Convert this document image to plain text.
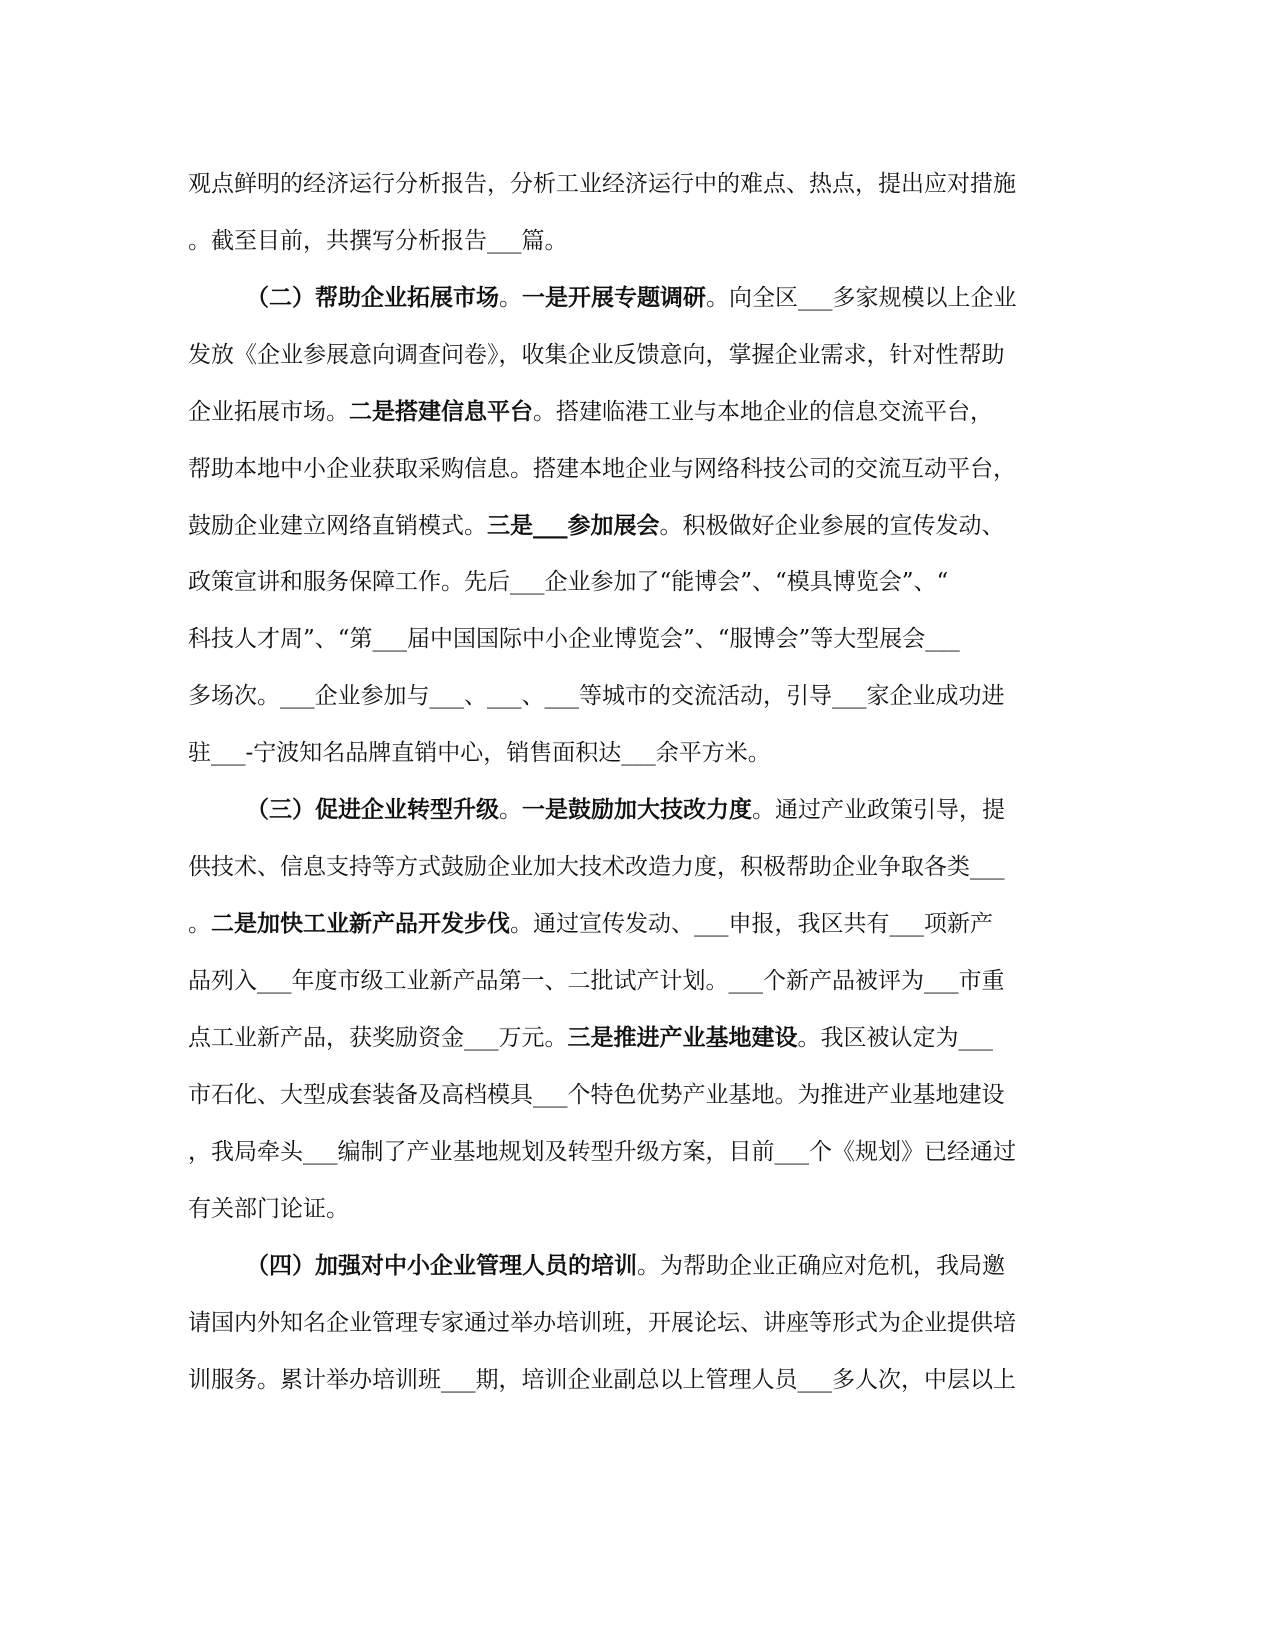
观点鲜明的经济运行分析报告，分析工业经济运行中的难点、热点，提出应对措施
。截至目前，共撰写分析报告___篇。
（二）帮助企业拓展市场。一是开展专题调研。向全区___多家规模以上企业
发放《企业参展意向调查问卷》，收集企业反馈意向，掌握企业需求，针对性帮助
企业拓展市场。二是搭建信息平台。搭建临港工业与本地企业的信息交流平台，
帮助本地中小企业获取采购信息。搭建本地企业与网络科技公司的交流互动平台，
鼓励企业建立网络直销模式。三是___参加展会。积极做好企业参展的宣传发动、
政策宣讲和服务保障工作。先后___企业参加了“能博会”、“模具博览会”、“
科技人才周”、“第___届中国国际中小企业博览会”、“服博会”等大型展会___
多场次。___企业参加与___、___、___等城市的交流活动，引导___家企业成功进
驻___-宁波知名品牌直销中心，销售面积达___余平方米。
（三）促进企业转型升级。一是鼓励加大技改力度。通过产业政策引导，提
供技术、信息支持等方式鼓励企业加大技术改造力度，积极帮助企业争取各类___
。二是加快工业新产品开发步伐。通过宣传发动、___申报，我区共有___项新产
品列入___年度市级工业新产品第一、二批试产计划。___个新产品被评为___市重
点工业新产品，获奖励资金___万元。三是推进产业基地建设。我区被认定为___
市石化、大型成套装备及高档模具___个特色优势产业基地。为推进产业基地建设
，我局牵头___编制了产业基地规划及转型升级方案，目前___个《规划》已经通过
有关部门论证。
（四）加强对中小企业管理人员的培训。为帮助企业正确应对危机，我局邀
请国内外知名企业管理专家通过举办培训班，开展论坛、讲座等形式为企业提供培
训服务。累计举办培训班___期，培训企业副总以上管理人员___多人次，中层以上
